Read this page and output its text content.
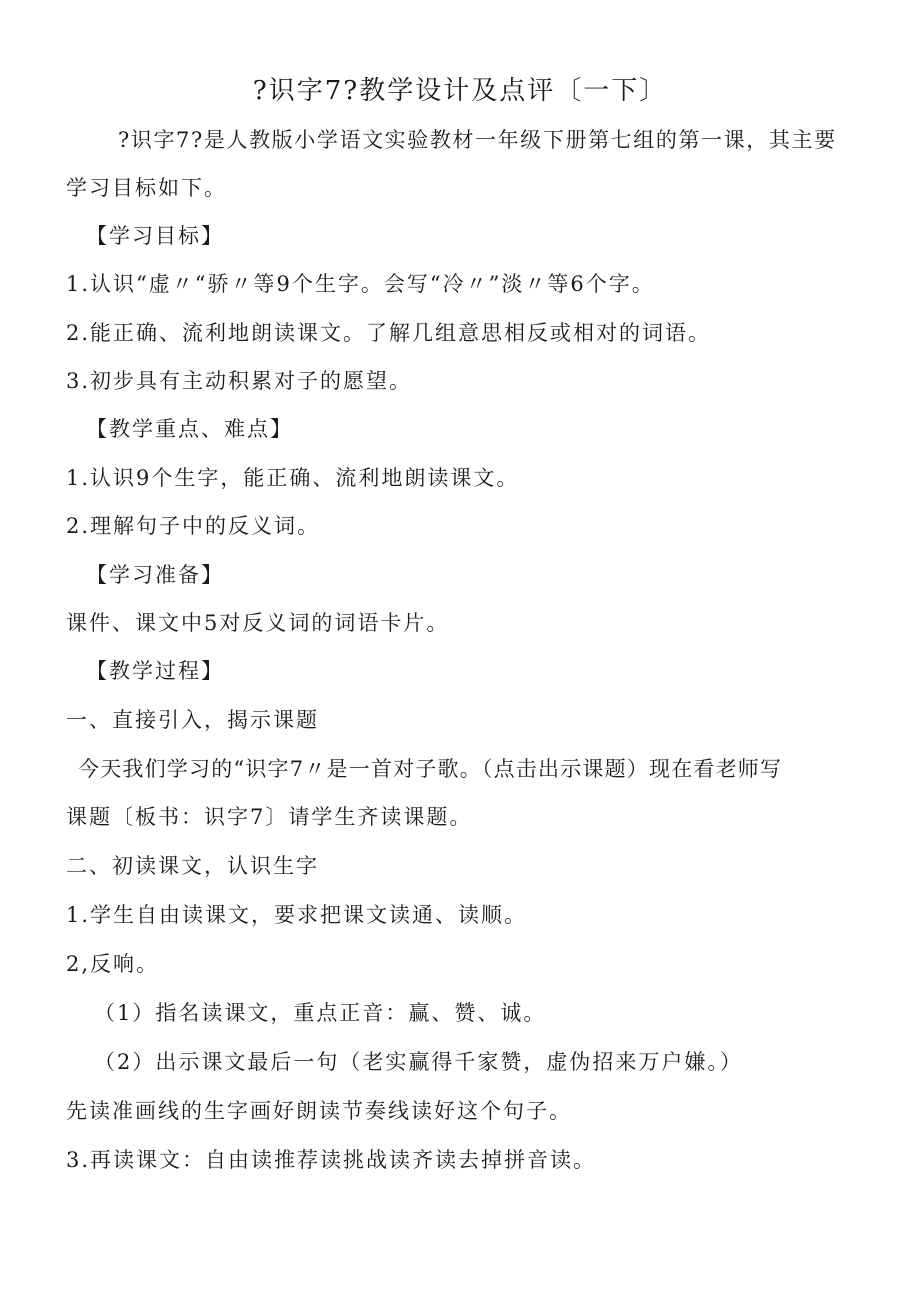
?识字7?教学设计及点评〔一下〕
?识字7?是人教版小学语文实验教材一年级下册第七组的第一课，其主要
学习目标如下。
【学习目标】
1.认识“虚〃“骄〃等9个生字。会写“冷〃”淡〃等6个字。
2.能正确、流利地朗读课文。了解几组意思相反或相对的词语。
3.初步具有主动积累对子的愿望。
【教学重点、难点】
1.认识9个生字，能正确、流利地朗读课文。
2.理解句子中的反义词。
【学习准备】
课件、课文中5对反义词的词语卡片。
【教学过程】
一、直接引入，揭示课题
今天我们学习的“识字7〃是一首对子歌。（点击出示课题）现在看老师写
课题〔板书：识字7〕请学生齐读课题。
二、初读课文，认识生字
1.学生自由读课文，要求把课文读通、读顺。
2,反响。
（1）指名读课文，重点正音：赢、赞、诚。
（2）出示课文最后一句（老实赢得千家赞，虚伪招来万户嫌。）
先读准画线的生字画好朗读节奏线读好这个句子。
3.再读课文：自由读推荐读挑战读齐读去掉拼音读。
